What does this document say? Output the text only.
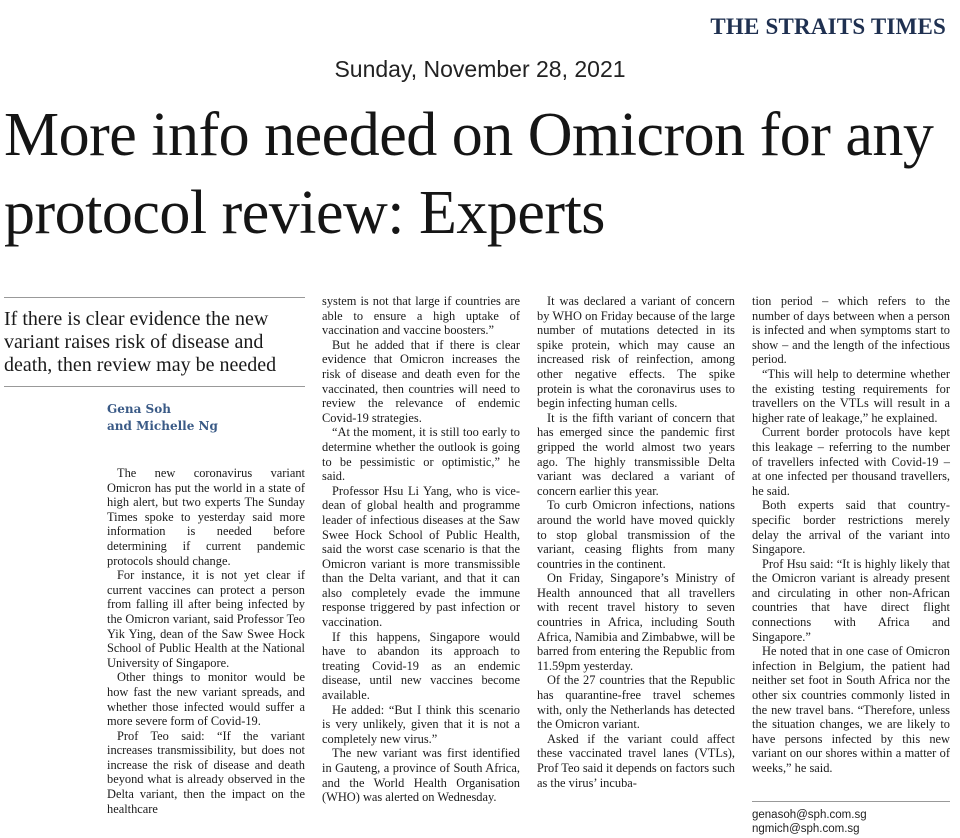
THE STRAITS TIMES
Sunday, November 28, 2021
More info needed on Omicron for any protocol review: Experts

If there is clear evidence the new variant raises risk of disease and death, then review may be needed

Gena Soh
and Michelle Ng

The new coronavirus variant Omicron has put the world in a state of high alert, but two experts The Sunday Times spoke to yesterday said more information is needed before determining if current pandemic protocols should change.

For instance, it is not yet clear if current vaccines can protect a person from falling ill after being infected by the Omicron variant, said Professor Teo Yik Ying, dean of the Saw Swee Hock School of Public Health at the National University of Singapore.

Other things to monitor would be how fast the new variant spreads, and whether those infected would suffer a more severe form of Covid-19.

Prof Teo said: “If the variant increases transmissibility, but does not increase the risk of disease and death beyond what is already observed in the Delta variant, then the impact on the healthcare

system is not that large if countries are able to ensure a high uptake of vaccination and vaccine boosters.”

But he added that if there is clear evidence that Omicron increases the risk of disease and death even for the vaccinated, then countries will need to review the relevance of endemic Covid-19 strategies.

“At the moment, it is still too early to determine whether the outlook is going to be pessimistic or optimistic,” he said.

Professor Hsu Li Yang, who is vice-dean of global health and programme leader of infectious diseases at the Saw Swee Hock School of Public Health, said the worst case scenario is that the Omicron variant is more transmissible than the Delta variant, and that it can also completely evade the immune response triggered by past infection or vaccination.

If this happens, Singapore would have to abandon its approach to treating Covid-19 as an endemic disease, until new vaccines become available.

He added: “But I think this scenario is very unlikely, given that it is not a completely new virus.”

The new variant was first identified in Gauteng, a province of South Africa, and the World Health Organisation (WHO) was alerted on Wednesday.

It was declared a variant of concern by WHO on Friday because of the large number of mutations detected in its spike protein, which may cause an increased risk of reinfection, among other negative effects. The spike protein is what the coronavirus uses to begin infecting human cells.

It is the fifth variant of concern that has emerged since the pandemic first gripped the world almost two years ago. The highly transmissible Delta variant was declared a variant of concern earlier this year.

To curb Omicron infections, nations around the world have moved quickly to stop global transmission of the variant, ceasing flights from many countries in the continent.

On Friday, Singapore’s Ministry of Health announced that all travellers with recent travel history to seven countries in Africa, including South Africa, Namibia and Zimbabwe, will be barred from entering the Republic from 11.59pm yesterday.

Of the 27 countries that the Republic has quarantine-free travel schemes with, only the Netherlands has detected the Omicron variant.

Asked if the variant could affect these vaccinated travel lanes (VTLs), Prof Teo said it depends on factors such as the virus’ incuba-

tion period – which refers to the number of days between when a person is infected and when symptoms start to show – and the length of the infectious period.

“This will help to determine whether the existing testing requirements for travellers on the VTLs will result in a higher rate of leakage,” he explained.

Current border protocols have kept this leakage – referring to the number of travellers infected with Covid-19 – at one infected per thousand travellers, he said.

Both experts said that country-specific border restrictions merely delay the arrival of the variant into Singapore.

Prof Hsu said: “It is highly likely that the Omicron variant is already present and circulating in other non-African countries that have direct flight connections with Africa and Singapore.”

He noted that in one case of Omicron infection in Belgium, the patient had neither set foot in South Africa nor the other six countries commonly listed in the new travel bans. “Therefore, unless the situation changes, we are likely to have persons infected by this new variant on our shores within a matter of weeks,” he said.

genasoh@sph.com.sg
ngmich@sph.com.sg
